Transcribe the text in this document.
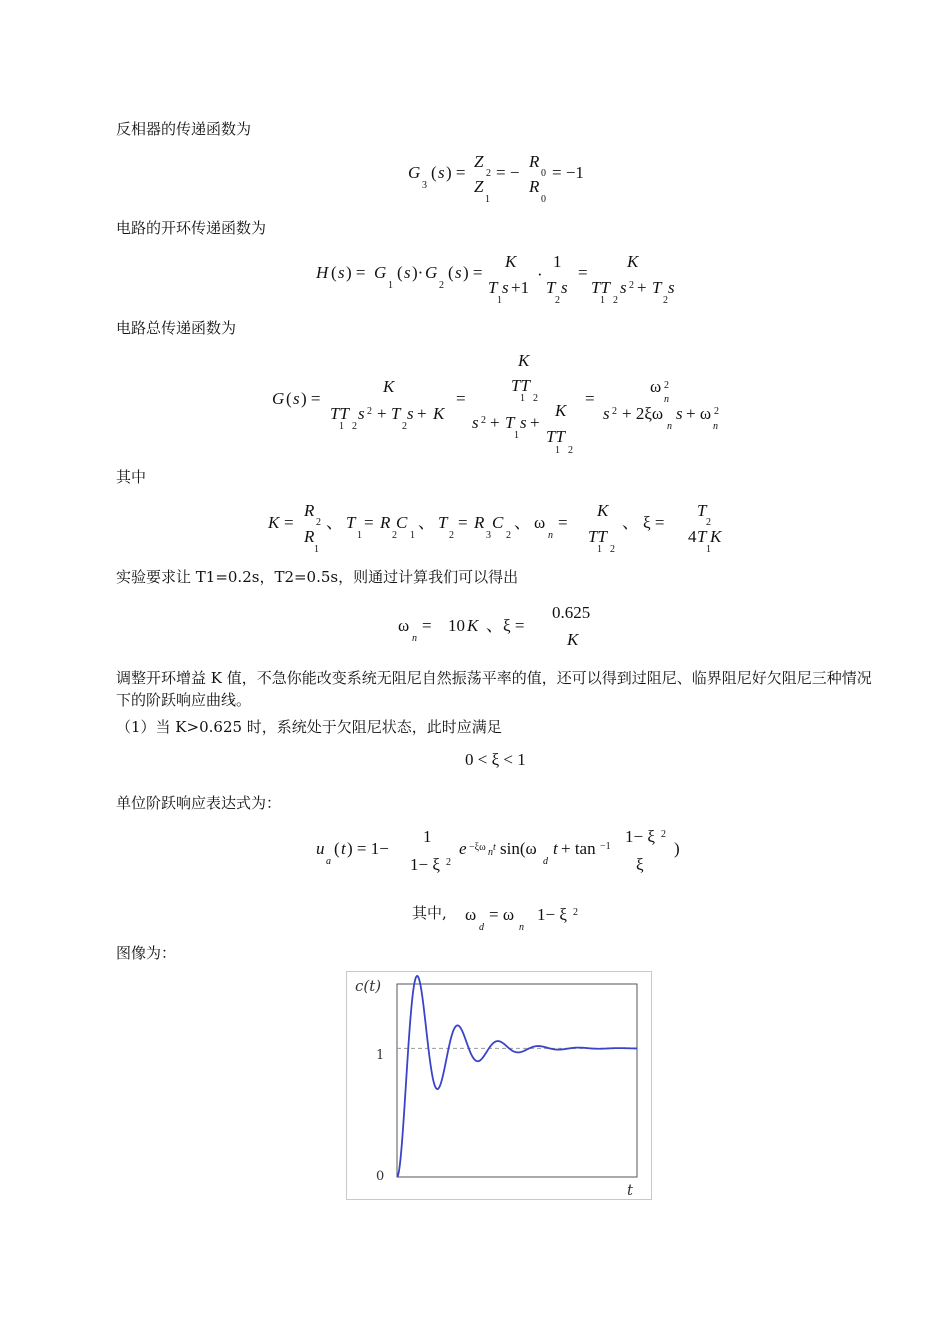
反相器的传递函数为

G
3
( s ) =
Z
2
Z
1
= −
R
0
R
0
= −1

电路的开环传递函数为

H ( s ) = G
1
( s )· G
2
( s ) =
K
T s +1
1
·
1
T s
2
=
K
TT s 2 + T s
1 2	2

电路总传递函数为

G ( s ) =
K
TT s 2 + T s + K
1 2	2
=
K
TT
1 2
s 2 + T s +
1
K
TT
1 2
=
ω 2
n
s 2 + 2ξω s + ω 2
n	n

其中

K =
R
2
R
1
、 T
1
= R C
2 1
、 T
2
= R C
3 2
、 ω
n
=
K
TT
1 2
、 ξ =
T
2
4 T K
1

实验要求让 T1=0.2s，T2=0.5s，则通过计算我们可以得出

ω
n
= 10 K 、ξ =
0.625
K

调整开环增益 K 值，不急你能改变系统无阻尼自然振荡平率的值，还可以得到过阻尼、临界阻尼好欠阻尼三种情况下的阶跃响应曲线。

（1）当 K>0.625 时，系统处于欠阻尼状态，此时应满足

0 < ξ < 1

单位阶跃响应表达式为：

u
a
( t ) = 1−
1
1− ξ 2
e −ξω n t sin(ω
d
t + tan −1
1− ξ 2
ξ
)
其中, ω
d
= ω
n
1− ξ 2

图像为：

c(t)
t
1
0
